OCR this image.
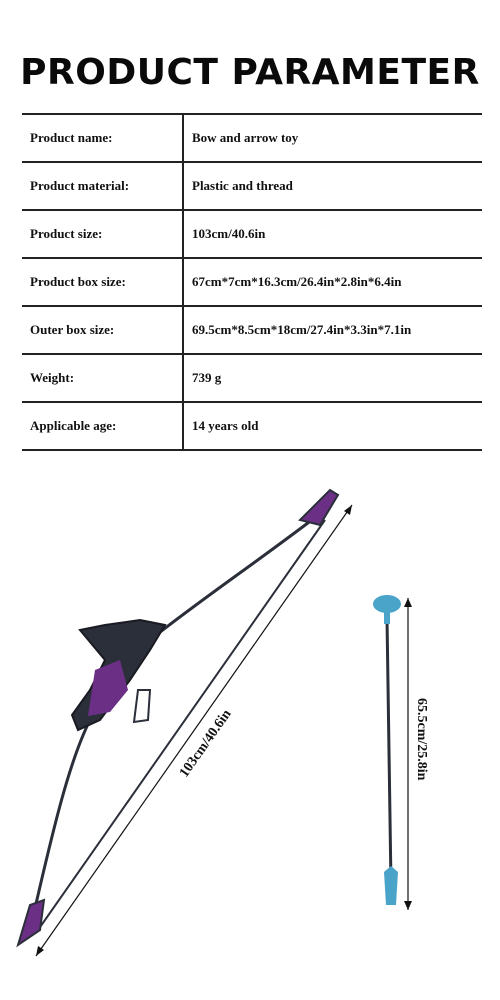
PRODUCT PARAMETER
Product name:	Bow and arrow toy
Product material:	Plastic and thread
Product size:	103cm/40.6in
Product box size:	67cm*7cm*16.3cm/26.4in*2.8in*6.4in
Outer box size:	69.5cm*8.5cm*18cm/27.4in*3.3in*7.1in
Weight:	739 g
Applicable age:	14 years old
103cm/40.6in	65.5cm/25.8in
